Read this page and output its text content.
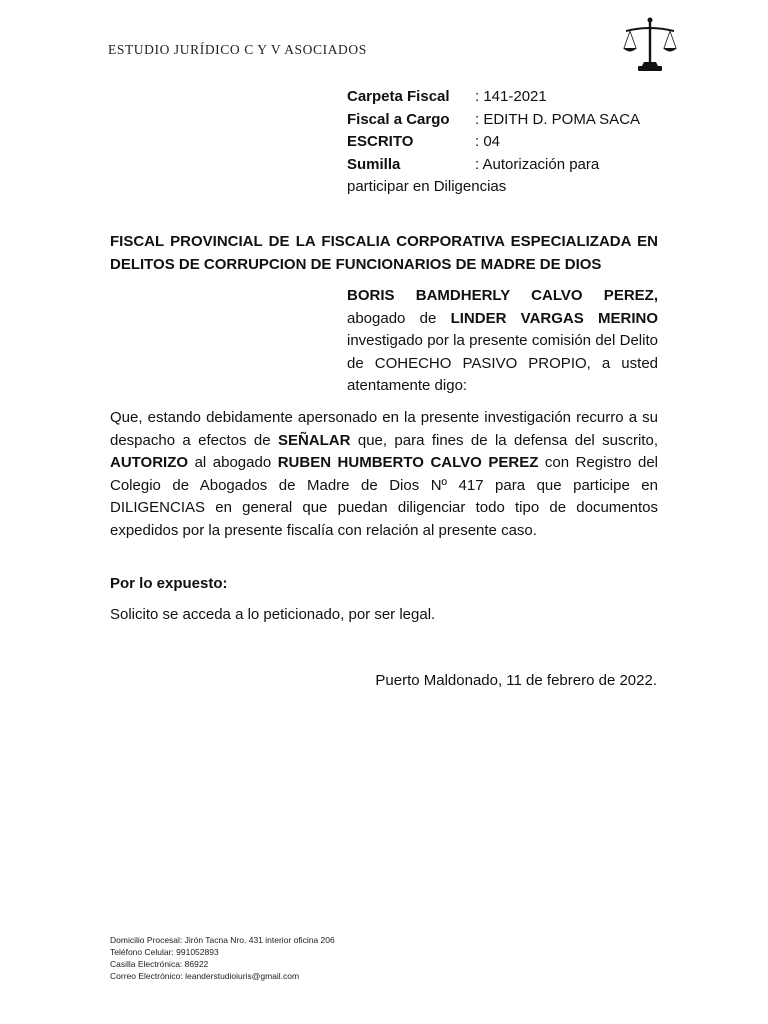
ESTUDIO JURÍDICO C Y V ASOCIADOS
Carpeta Fiscal : 141-2021
Fiscal a Cargo : EDITH D. POMA SACA
ESCRITO	: 04
Sumilla	: Autorización para
participar en Diligencias
FISCAL PROVINCIAL DE LA FISCALIA CORPORATIVA ESPECIALIZADA EN DELITOS DE CORRUPCION DE FUNCIONARIOS DE MADRE DE DIOS
BORIS BAMDHERLY CALVO PEREZ, abogado de LINDER VARGAS MERINO investigado por la presente comisión del Delito de COHECHO PASIVO PROPIO, a usted atentamente digo:
Que, estando debidamente apersonado en la presente investigación recurro a su despacho a efectos de SEÑALAR que, para fines de la defensa del suscrito, AUTORIZO al abogado RUBEN HUMBERTO CALVO PEREZ con Registro del Colegio de Abogados de Madre de Dios Nº 417 para que participe en DILIGENCIAS en general que puedan diligenciar todo tipo de documentos expedidos por la presente fiscalía con relación al presente caso.
Por lo expuesto:
Solicito se acceda a lo peticionado, por ser legal.
Puerto Maldonado, 11 de febrero de 2022.
Domicilio Procesal: Jirón Tacna Nro. 431 interior oficina 206
Teléfono Celular: 991052893
Casilla Electrónica: 86922
Correo Electrónico: leanderstudioiuris@gmail.com
